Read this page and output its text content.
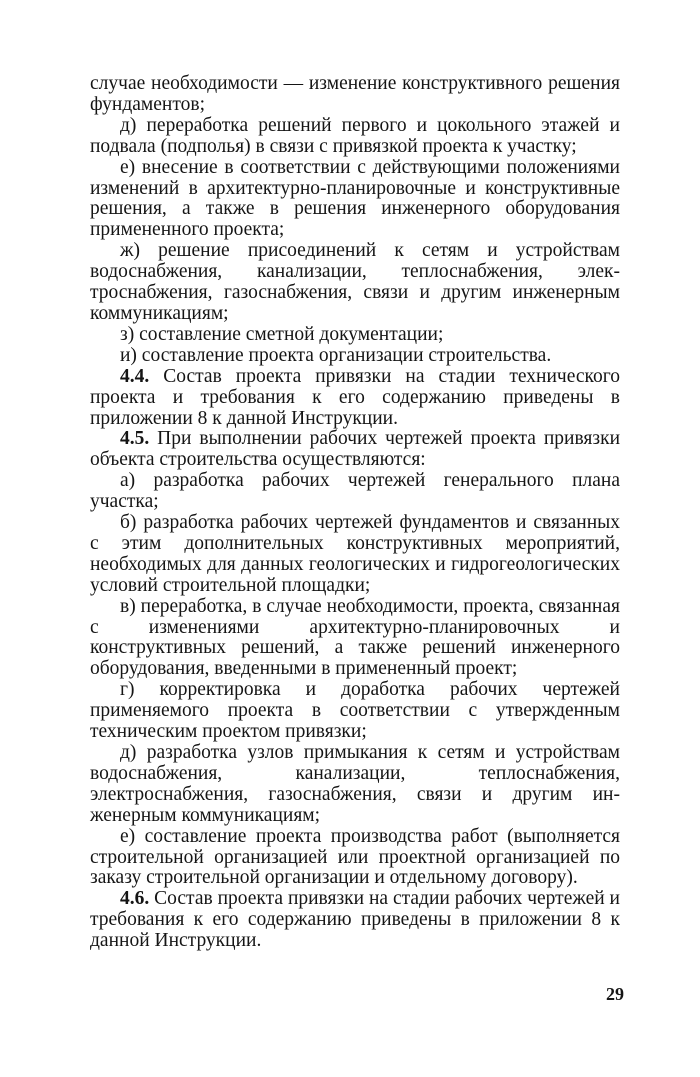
случае необходимости — изменение конструктивного решения фундаментов;

д) переработка решений первого и цокольного этажей и подвала (подполья) в связи с привязкой проекта к участку;

е) внесение в соответствии с действующими положениями изменений в архитектурно-планировочные и конструктивные решения, а также в решения инженерного оборудования примененного проекта;

ж) решение присоединений к сетям и устройствам водоснабжения, канализации, теплоснабжения, электроснабжения, газоснабжения, связи и другим инженерным коммуникациям;

з) составление сметной документации;

и) составление проекта организации строительства.

4.4. Состав проекта привязки на стадии технического проекта и требования к его содержанию приведены в приложении 8 к данной Инструкции.

4.5. При выполнении рабочих чертежей проекта привязки объекта строительства осуществляются:

а) разработка рабочих чертежей генерального плана участка;

б) разработка рабочих чертежей фундаментов и связанных с этим дополнительных конструктивных мероприятий, необходимых для данных геологических и гидрогеологических условий строительной площадки;

в) переработка, в случае необходимости, проекта, связанная с изменениями архитектурно-планировочных и конструктивных решений, а также решений инженерного оборудования, введенными в примененный проект;

г) корректировка и доработка рабочих чертежей применяемого проекта в соответствии с утвержденным техническим проектом привязки;

д) разработка узлов примыкания к сетям и устройствам водоснабжения, канализации, теплоснабжения, электроснабжения, газоснабжения, связи и другим инженерным коммуникациям;

е) составление проекта производства работ (выполняется строительной организацией или проектной организацией по заказу строительной организации и отдельному договору).

4.6. Состав проекта привязки на стадии рабочих чертежей и требования к его содержанию приведены в приложении 8 к данной Инструкции.

29
